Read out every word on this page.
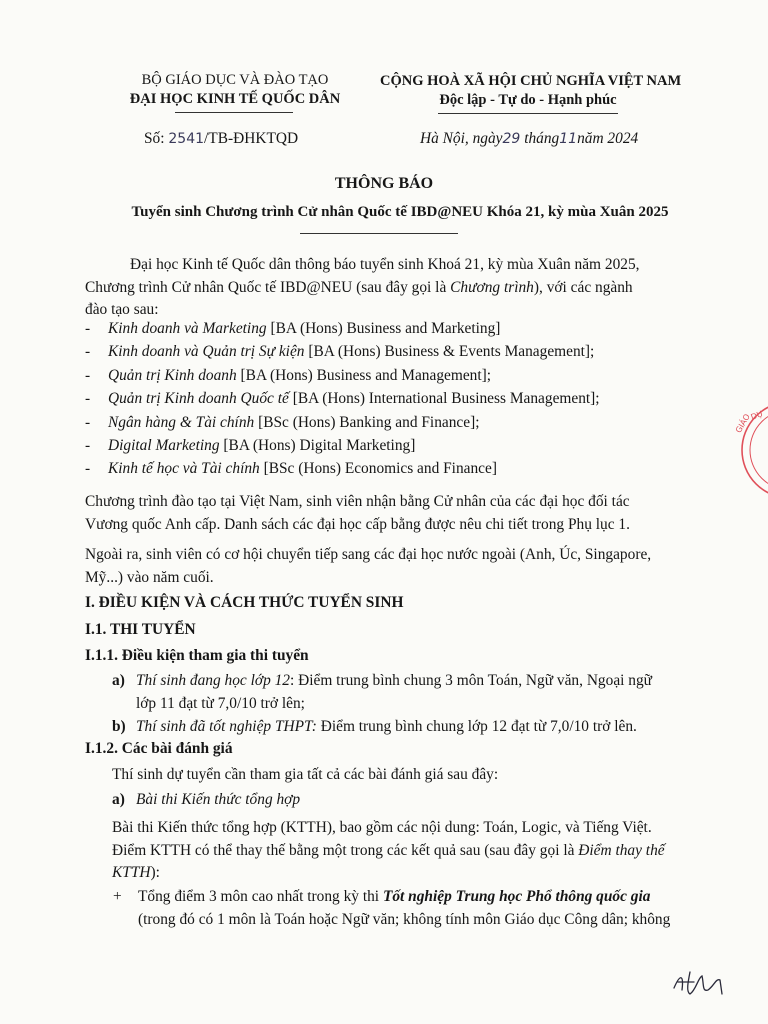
BỘ GIÁO DỤC VÀ ĐÀO TẠO
ĐẠI HỌC KINH TẾ QUỐC DÂN
CỘNG HOÀ XÃ HỘI CHỦ NGHĨA VIỆT NAM
Độc lập - Tự do - Hạnh phúc
Số: 2541/TB-ĐHKTQD	Hà Nội, ngày29 tháng11năm 2024
THÔNG BÁO
Tuyển sinh Chương trình Cử nhân Quốc tế IBD@NEU Khóa 21, kỳ mùa Xuân 2025
Đại học Kinh tế Quốc dân thông báo tuyển sinh Khoá 21, kỳ mùa Xuân năm 2025,
Chương trình Cử nhân Quốc tế IBD@NEU (sau đây gọi là Chương trình), với các ngành
đào tạo sau:
- Kinh doanh và Marketing [BA (Hons) Business and Marketing]
- Kinh doanh và Quản trị Sự kiện [BA (Hons) Business & Events Management];
- Quản trị Kinh doanh [BA (Hons) Business and Management];
- Quản trị Kinh doanh Quốc tế [BA (Hons) International Business Management];
- Ngân hàng & Tài chính [BSc (Hons) Banking and Finance];
- Digital Marketing [BA (Hons) Digital Marketing]
- Kinh tế học và Tài chính [BSc (Hons) Economics and Finance]
Chương trình đào tạo tại Việt Nam, sinh viên nhận bằng Cử nhân của các đại học đối tác
Vương quốc Anh cấp. Danh sách các đại học cấp bằng được nêu chi tiết trong Phụ lục 1.
Ngoài ra, sinh viên có cơ hội chuyển tiếp sang các đại học nước ngoài (Anh, Úc, Singapore,
Mỹ...) vào năm cuối.
I. ĐIỀU KIỆN VÀ CÁCH THỨC TUYỂN SINH
I.1. THI TUYỂN
I.1.1. Điều kiện tham gia thi tuyển
a) Thí sinh đang học lớp 12: Điểm trung bình chung 3 môn Toán, Ngữ văn, Ngoại ngữ
lớp 11 đạt từ 7,0/10 trở lên;
b) Thí sinh đã tốt nghiệp THPT: Điểm trung bình chung lớp 12 đạt từ 7,0/10 trở lên.
I.1.2. Các bài đánh giá
Thí sinh dự tuyển cần tham gia tất cả các bài đánh giá sau đây:
a) Bài thi Kiến thức tổng hợp
Bài thi Kiến thức tổng hợp (KTTH), bao gồm các nội dung: Toán, Logic, và Tiếng Việt.
Điểm KTTH có thể thay thế bằng một trong các kết quả sau (sau đây gọi là Điểm thay thế
KTTH):
+ Tổng điểm 3 môn cao nhất trong kỳ thi Tốt nghiệp Trung học Phổ thông quốc gia
(trong đó có 1 môn là Toán hoặc Ngữ văn; không tính môn Giáo dục Công dân; không
GIÁO
DỤ
